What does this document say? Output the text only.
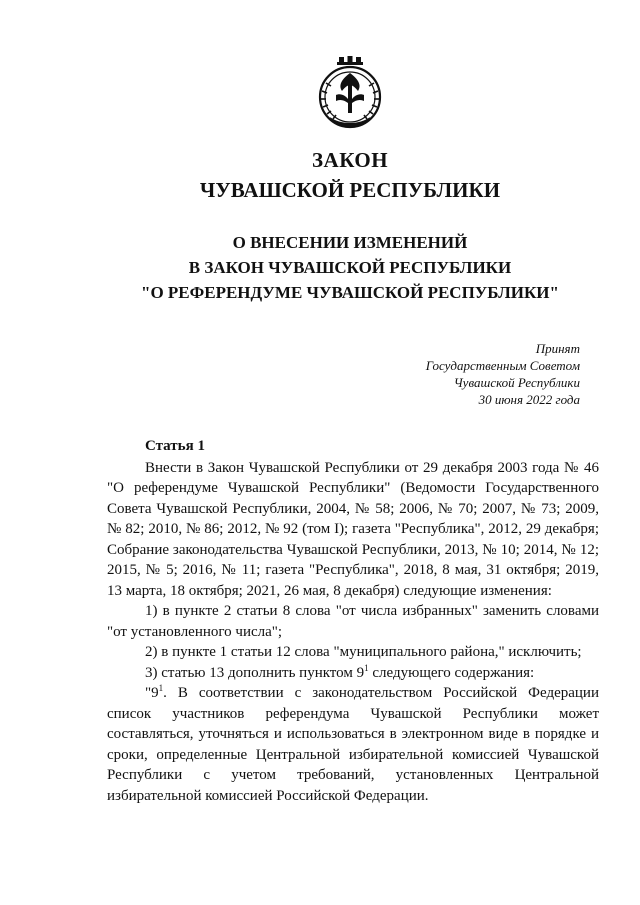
ЗАКОН
ЧУВАШСКОЙ РЕСПУБЛИКИ
О ВНЕСЕНИИ ИЗМЕНЕНИЙ
В ЗАКОН ЧУВАШСКОЙ РЕСПУБЛИКИ
"О РЕФЕРЕНДУМЕ ЧУВАШСКОЙ РЕСПУБЛИКИ"
Принят
Государственным Советом
Чувашской Республики
30 июня 2022 года
Статья 1

Внести в Закон Чувашской Республики от 29 декабря 2003 года № 46 "О референдуме Чувашской Республики" (Ведомости Государственного Совета Чувашской Республики, 2004, № 58; 2006, № 70; 2007, № 73; 2009, № 82; 2010, № 86; 2012, № 92 (том I); газета "Республика", 2012, 29 декабря; Собрание законодательства Чувашской Республики, 2013, № 10; 2014, № 12; 2015, № 5; 2016, № 11; газета "Республика", 2018, 8 мая, 31 октября; 2019, 13 марта, 18 октября; 2021, 26 мая, 8 декабря) следующие изменения:

1) в пункте 2 статьи 8 слова "от числа избранных" заменить словами "от установленного числа";

2) в пункте 1 статьи 12 слова "муниципального района," исключить;

3) статью 13 дополнить пунктом $9^1$ следующего содержания:

"$9^1$. В соответствии с законодательством Российской Федерации список участников референдума Чувашской Республики может составляться, уточняться и использоваться в электронном виде в порядке и сроки, определенные Центральной избирательной комиссией Чувашской Республики с учетом требований, установленных Центральной избирательной комиссией Российской Федерации.
